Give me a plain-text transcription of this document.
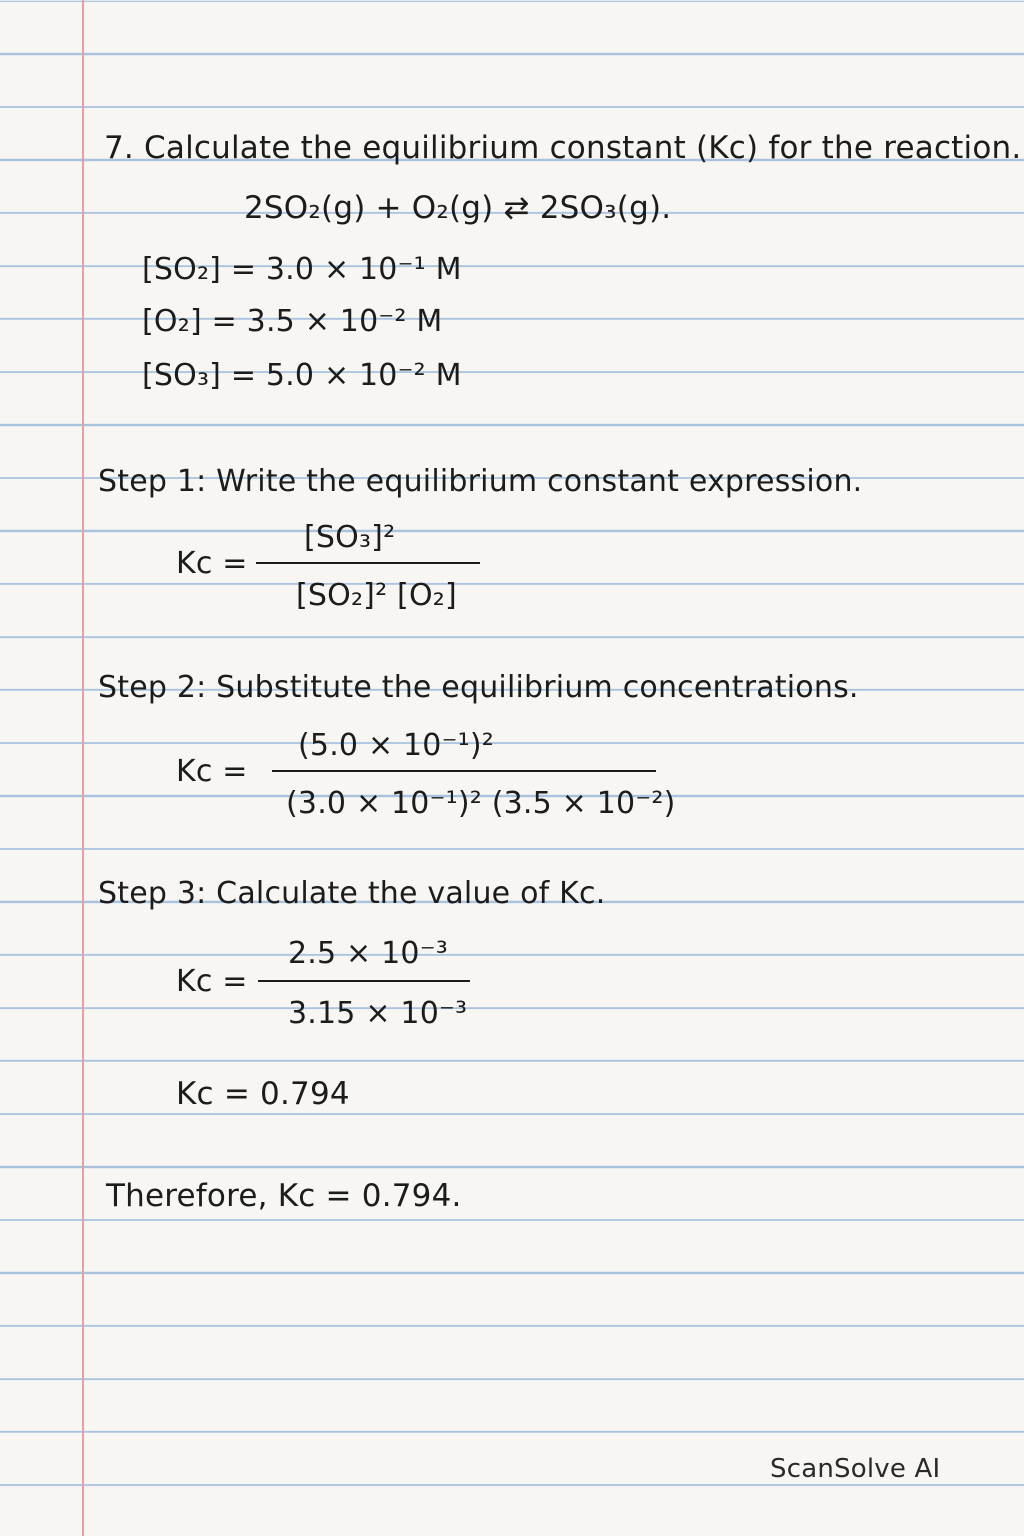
7. Calculate the equilibrium constant (Kc) for the reaction.
2SO₂(g) + O₂(g) ⇄ 2SO₃(g).
[SO₂] = 3.0 × 10⁻¹ M
[O₂] = 3.5 × 10⁻² M
[SO₃] = 5.0 × 10⁻² M
Step 1: Write the equilibrium constant expression.
Kc =
[SO₃]²
[SO₂]² [O₂]
Step 2: Substitute the equilibrium concentrations.
Kc =
(5.0 × 10⁻¹)²
(3.0 × 10⁻¹)² (3.5 × 10⁻²)
Step 3: Calculate the value of Kc.
Kc =
2.5 × 10⁻³
3.15 × 10⁻³
Kc = 0.794
Therefore, Kc = 0.794.
ScanSolve AI
